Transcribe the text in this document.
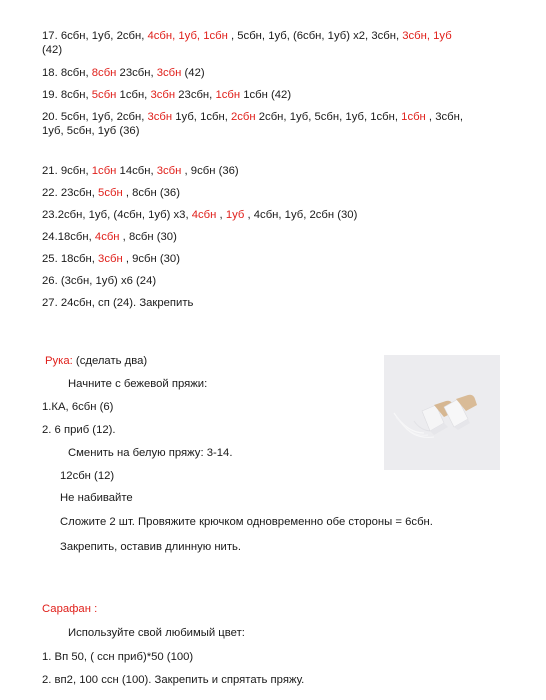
17. 6сбн, 1уб, 2сбн, 4сбн, 1уб, 1сбн , 5сбн, 1уб, (6сбн, 1уб) x2, 3сбн, 3сбн, 1уб
(42)
18. 8сбн, 8сбн 23сбн, 3сбн (42)
19. 8сбн, 5сбн 1сбн, 3сбн 23сбн, 1сбн 1сбн (42)
20. 5сбн, 1уб, 2сбн, 3сбн 1уб, 1сбн, 2сбн 2сбн, 1уб, 5сбн, 1уб, 1сбн, 1сбн , 3сбн,
1уб, 5сбн, 1уб (36)
21. 9сбн, 1сбн 14сбн, 3сбн , 9сбн (36)
22. 23сбн, 5сбн , 8сбн (36)
23.2сбн, 1уб, (4сбн, 1уб) x3, 4сбн , 1уб , 4сбн, 1уб, 2сбн (30)
24.18сбн, 4сбн , 8сбн (30)
25. 18сбн, 3сбн , 9сбн (30)
26. (3сбн, 1уб) x6 (24)
27. 24сбн, сп (24). Закрепить
Рука: (сделать два)
Начните с бежевой пряжи:
1.КА, 6сбн (6)
2. 6 приб (12).
Сменить на белую пряжу: 3-14.
12сбн (12)
Не набивайте
Сложите 2 шт. Провяжите крючком одновременно обе стороны = 6сбн.
Закрепить, оставив длинную нить.
Сарафан :
Используйте свой любимый цвет:
1. Вп 50, ( ссн приб)*50 (100)
2. вп2, 100 ссн (100). Закрепить и спрятать пряжу.
